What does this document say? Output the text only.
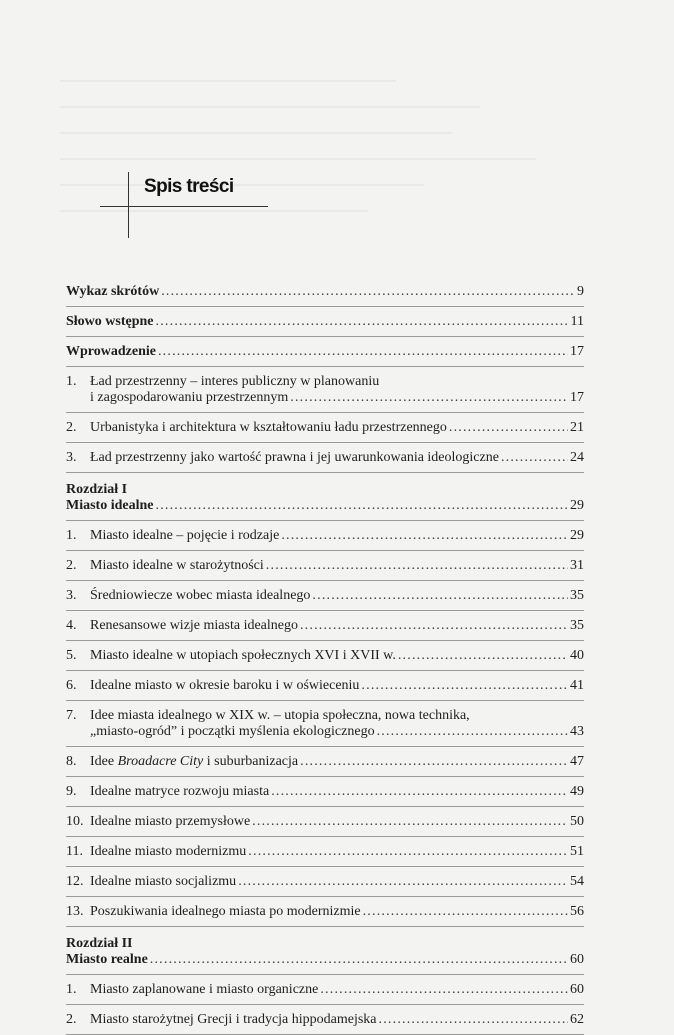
Spis treści
Wykaz skrótów .....	9
Słowo wstępne .....	11
Wprowadzenie .....	17
1. Ład przestrzenny – interes publiczny w planowaniu
i zagospodarowaniu przestrzennym .....	17
2. Urbanistyka i architektura w kształtowaniu ładu przestrzennego .....	21
3. Ład przestrzenny jako wartość prawna i jej uwarunkowania ideologiczne .....	24
Rozdział I
Miasto idealne .....	29
1. Miasto idealne – pojęcie i rodzaje .....	29
2. Miasto idealne w starożytności .....	31
3. Średniowiecze wobec miasta idealnego .....	35
4. Renesansowe wizje miasta idealnego .....	35
5. Miasto idealne w utopiach społecznych XVI i XVII w. .....	40
6. Idealne miasto w okresie baroku i w oświeceniu .....	41
7. Idee miasta idealnego w XIX w. – utopia społeczna, nowa technika,
„miasto-ogród” i początki myślenia ekologicznego .....	43
8. Idee Broadacre City i suburbanizacja .....	47
9. Idealne matryce rozwoju miasta .....	49
10. Idealne miasto przemysłowe .....	50
11. Idealne miasto modernizmu .....	51
12. Idealne miasto socjalizmu .....	54
13. Poszukiwania idealnego miasta po modernizmie .....	56
Rozdział II
Miasto realne .....	60
1. Miasto zaplanowane i miasto organiczne .....	60
2. Miasto starożytnej Grecji i tradycja hippodamejska .....	62
